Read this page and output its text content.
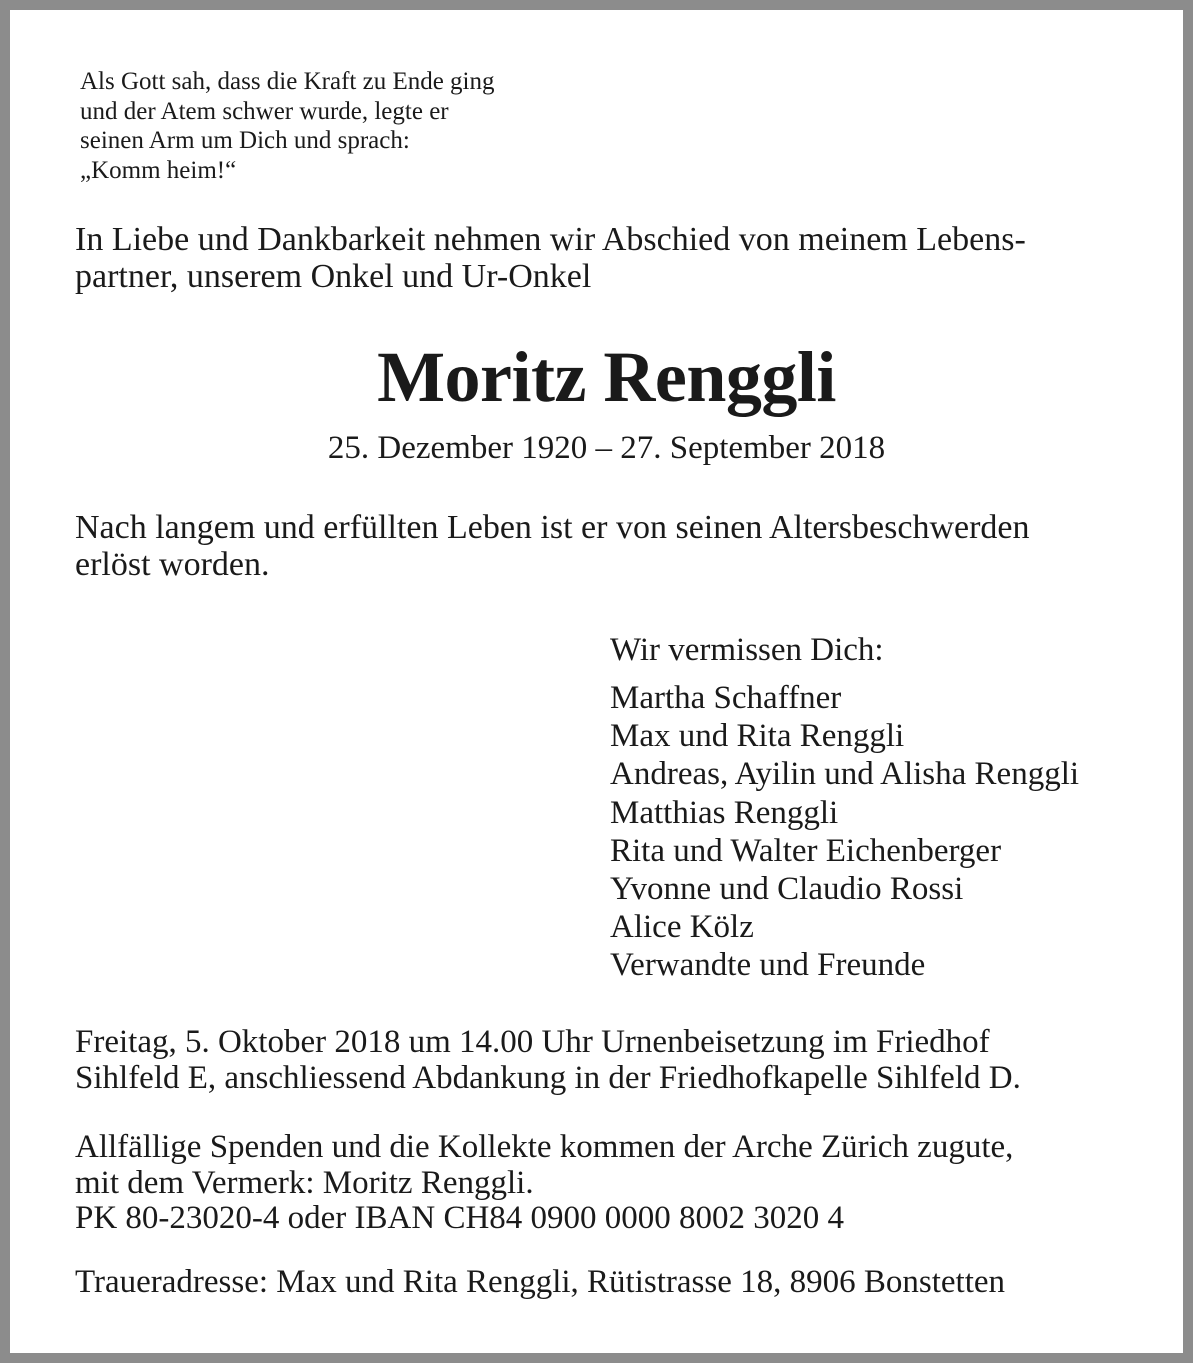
Als Gott sah, dass die Kraft zu Ende ging
und der Atem schwer wurde, legte er
seinen Arm um Dich und sprach:
„Komm heim!“
In Liebe und Dankbarkeit nehmen wir Abschied von meinem Lebens-
partner, unserem Onkel und Ur-Onkel
Moritz Renggli
25. Dezember 1920 – 27. September 2018
Nach langem und erfüllten Leben ist er von seinen Altersbeschwerden
erlöst worden.
Wir vermissen Dich:
Martha Schaffner
Max und Rita Renggli
Andreas, Ayilin und Alisha Renggli
Matthias Renggli
Rita und Walter Eichenberger
Yvonne und Claudio Rossi
Alice Kölz
Verwandte und Freunde
Freitag, 5. Oktober 2018 um 14.00 Uhr Urnenbeisetzung im Friedhof
Sihlfeld E, anschliessend Abdankung in der Friedhofkapelle Sihlfeld D.
Allfällige Spenden und die Kollekte kommen der Arche Zürich zugute,
mit dem Vermerk: Moritz Renggli.
PK 80-23020-4 oder IBAN CH84 0900 0000 8002 3020 4
Traueradresse: Max und Rita Renggli, Rütistrasse 18, 8906 Bonstetten
